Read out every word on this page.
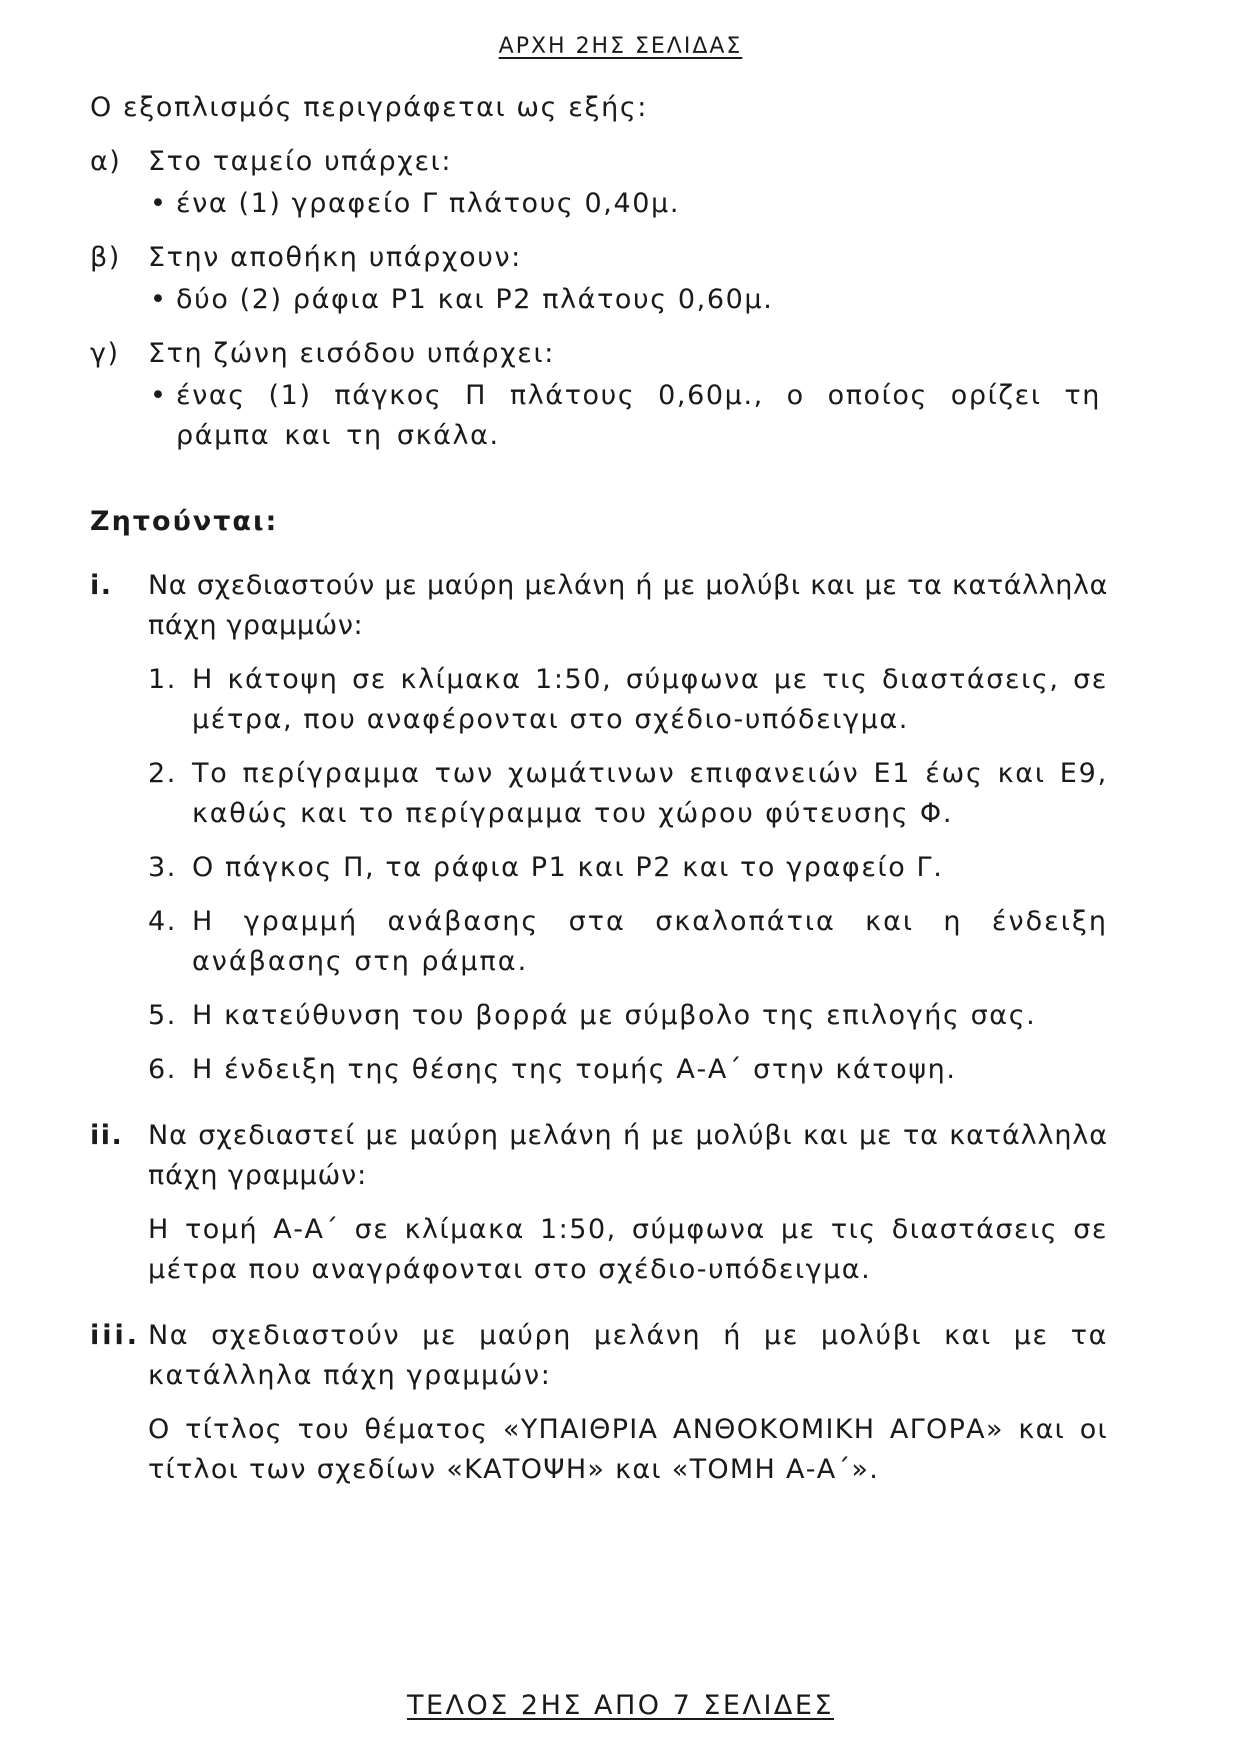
ΑΡΧΗ 2ΗΣ ΣΕΛΙΔΑΣ
Ο εξοπλισμός περιγράφεται ως εξής:
α) Στο ταμείο υπάρχει:
• ένα (1) γραφείο Γ πλάτους 0,40μ.
β) Στην αποθήκη υπάρχουν:
• δύο (2) ράφια Ρ1 και Ρ2 πλάτους 0,60μ.
γ) Στη ζώνη εισόδου υπάρχει:
• ένας (1) πάγκος Π πλάτους 0,60μ., ο οποίος ορίζει τη ράμπα και τη σκάλα.
Ζητούνται:
i. Να σχεδιαστούν με μαύρη μελάνη ή με μολύβι και με τα κατάλληλα πάχη γραμμών:
1. Η κάτοψη σε κλίμακα 1:50, σύμφωνα με τις διαστάσεις, σε μέτρα, που αναφέρονται στο σχέδιο-υπόδειγμα.
2. Το περίγραμμα των χωμάτινων επιφανειών Ε1 έως και Ε9, καθώς και το περίγραμμα του χώρου φύτευσης Φ.
3. Ο πάγκος Π, τα ράφια Ρ1 και Ρ2 και το γραφείο Γ.
4. Η γραμμή ανάβασης στα σκαλοπάτια και η ένδειξη ανάβασης στη ράμπα.
5. Η κατεύθυνση του βορρά με σύμβολο της επιλογής σας.
6. Η ένδειξη της θέσης της τομής Α-Α΄ στην κάτοψη.
ii. Να σχεδιαστεί με μαύρη μελάνη ή με μολύβι και με τα κατάλληλα πάχη γραμμών:
Η τομή Α-Α΄ σε κλίμακα 1:50, σύμφωνα με τις διαστάσεις σε μέτρα που αναγράφονται στο σχέδιο-υπόδειγμα.
iii. Να σχεδιαστούν με μαύρη μελάνη ή με μολύβι και με τα κατάλληλα πάχη γραμμών:
Ο τίτλος του θέματος «ΥΠΑΙΘΡΙΑ ΑΝΘΟΚΟΜΙΚΗ ΑΓΟΡΑ» και οι τίτλοι των σχεδίων «ΚΑΤΟΨΗ» και «ΤΟΜΗ Α-Α΄».
ΤΕΛΟΣ 2ΗΣ ΑΠΟ 7 ΣΕΛΙΔΕΣ
